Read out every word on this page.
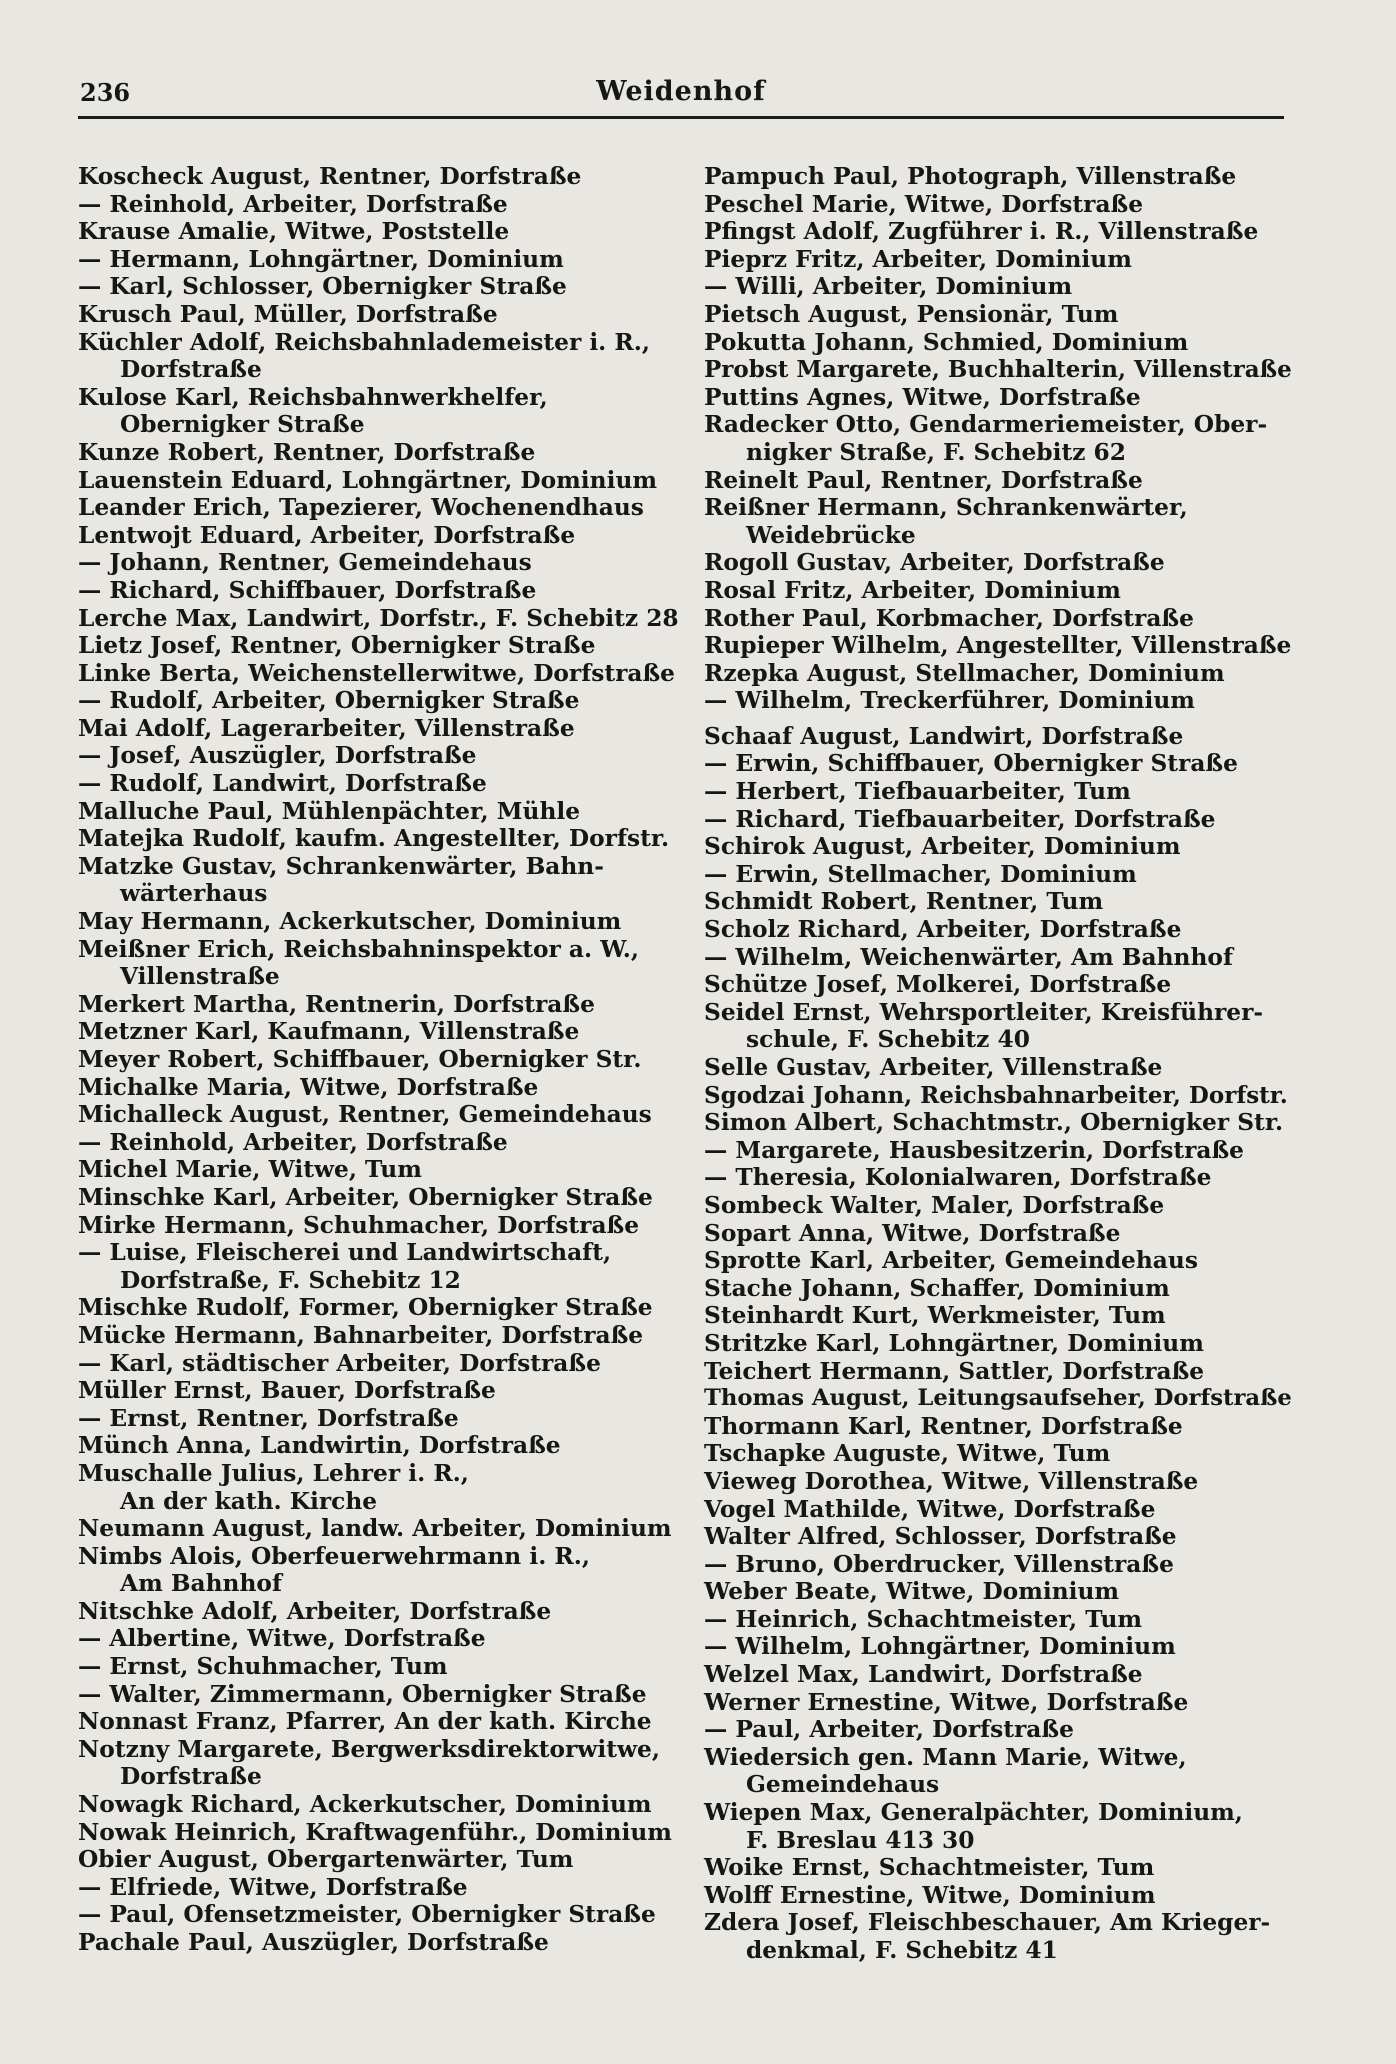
236	Weidenhof
Koscheck August, Rentner, Dorfstraße
— Reinhold, Arbeiter, Dorfstraße
Krause Amalie, Witwe, Poststelle
— Hermann, Lohngärtner, Dominium
— Karl, Schlosser, Obernigker Straße
Krusch Paul, Müller, Dorfstraße
Küchler Adolf, Reichsbahnlademeister i. R.,
Dorfstraße
Kulose Karl, Reichsbahnwerkhelfer,
Obernigker Straße
Kunze Robert, Rentner, Dorfstraße
Lauenstein Eduard, Lohngärtner, Dominium
Leander Erich, Tapezierer, Wochenendhaus
Lentwojt Eduard, Arbeiter, Dorfstraße
— Johann, Rentner, Gemeindehaus
— Richard, Schiffbauer, Dorfstraße
Lerche Max, Landwirt, Dorfstr., F. Schebitz 28
Lietz Josef, Rentner, Obernigker Straße
Linke Berta, Weichenstellerwitwe, Dorfstraße
— Rudolf, Arbeiter, Obernigker Straße
Mai Adolf, Lagerarbeiter, Villenstraße
— Josef, Auszügler, Dorfstraße
— Rudolf, Landwirt, Dorfstraße
Malluche Paul, Mühlenpächter, Mühle
Matejka Rudolf, kaufm. Angestellter, Dorfstr.
Matzke Gustav, Schrankenwärter, Bahn-
wärterhaus
May Hermann, Ackerkutscher, Dominium
Meißner Erich, Reichsbahninspektor a. W.,
Villenstraße
Merkert Martha, Rentnerin, Dorfstraße
Metzner Karl, Kaufmann, Villenstraße
Meyer Robert, Schiffbauer, Obernigker Str.
Michalke Maria, Witwe, Dorfstraße
Michalleck August, Rentner, Gemeindehaus
— Reinhold, Arbeiter, Dorfstraße
Michel Marie, Witwe, Tum
Minschke Karl, Arbeiter, Obernigker Straße
Mirke Hermann, Schuhmacher, Dorfstraße
— Luise, Fleischerei und Landwirtschaft,
Dorfstraße, F. Schebitz 12
Mischke Rudolf, Former, Obernigker Straße
Mücke Hermann, Bahnarbeiter, Dorfstraße
— Karl, städtischer Arbeiter, Dorfstraße
Müller Ernst, Bauer, Dorfstraße
— Ernst, Rentner, Dorfstraße
Münch Anna, Landwirtin, Dorfstraße
Muschalle Julius, Lehrer i. R.,
An der kath. Kirche
Neumann August, landw. Arbeiter, Dominium
Nimbs Alois, Oberfeuerwehrmann i. R.,
Am Bahnhof
Nitschke Adolf, Arbeiter, Dorfstraße
— Albertine, Witwe, Dorfstraße
— Ernst, Schuhmacher, Tum
— Walter, Zimmermann, Obernigker Straße
Nonnast Franz, Pfarrer, An der kath. Kirche
Notzny Margarete, Bergwerksdirektorwitwe,
Dorfstraße
Nowagk Richard, Ackerkutscher, Dominium
Nowak Heinrich, Kraftwagenführ., Dominium
Obier August, Obergartenwärter, Tum
— Elfriede, Witwe, Dorfstraße
— Paul, Ofensetzmeister, Obernigker Straße
Pachale Paul, Auszügler, Dorfstraße
Pampuch Paul, Photograph, Villenstraße
Peschel Marie, Witwe, Dorfstraße
Pfingst Adolf, Zugführer i. R., Villenstraße
Pieprz Fritz, Arbeiter, Dominium
— Willi, Arbeiter, Dominium
Pietsch August, Pensionär, Tum
Pokutta Johann, Schmied, Dominium
Probst Margarete, Buchhalterin, Villenstraße
Puttins Agnes, Witwe, Dorfstraße
Radecker Otto, Gendarmeriemeister, Ober-
nigker Straße, F. Schebitz 62
Reinelt Paul, Rentner, Dorfstraße
Reißner Hermann, Schrankenwärter,
Weidebrücke
Rogoll Gustav, Arbeiter, Dorfstraße
Rosal Fritz, Arbeiter, Dominium
Rother Paul, Korbmacher, Dorfstraße
Rupieper Wilhelm, Angestellter, Villenstraße
Rzepka August, Stellmacher, Dominium
— Wilhelm, Treckerführer, Dominium
Schaaf August, Landwirt, Dorfstraße
— Erwin, Schiffbauer, Obernigker Straße
— Herbert, Tiefbauarbeiter, Tum
— Richard, Tiefbauarbeiter, Dorfstraße
Schirok August, Arbeiter, Dominium
— Erwin, Stellmacher, Dominium
Schmidt Robert, Rentner, Tum
Scholz Richard, Arbeiter, Dorfstraße
— Wilhelm, Weichenwärter, Am Bahnhof
Schütze Josef, Molkerei, Dorfstraße
Seidel Ernst, Wehrsportleiter, Kreisführer-
schule, F. Schebitz 40
Selle Gustav, Arbeiter, Villenstraße
Sgodzai Johann, Reichsbahnarbeiter, Dorfstr.
Simon Albert, Schachtmstr., Obernigker Str.
— Margarete, Hausbesitzerin, Dorfstraße
— Theresia, Kolonialwaren, Dorfstraße
Sombeck Walter, Maler, Dorfstraße
Sopart Anna, Witwe, Dorfstraße
Sprotte Karl, Arbeiter, Gemeindehaus
Stache Johann, Schaffer, Dominium
Steinhardt Kurt, Werkmeister, Tum
Stritzke Karl, Lohngärtner, Dominium
Teichert Hermann, Sattler, Dorfstraße
Thomas August, Leitungsaufseher, Dorfstraße
Thormann Karl, Rentner, Dorfstraße
Tschapke Auguste, Witwe, Tum
Vieweg Dorothea, Witwe, Villenstraße
Vogel Mathilde, Witwe, Dorfstraße
Walter Alfred, Schlosser, Dorfstraße
— Bruno, Oberdrucker, Villenstraße
Weber Beate, Witwe, Dominium
— Heinrich, Schachtmeister, Tum
— Wilhelm, Lohngärtner, Dominium
Welzel Max, Landwirt, Dorfstraße
Werner Ernestine, Witwe, Dorfstraße
— Paul, Arbeiter, Dorfstraße
Wiedersich gen. Mann Marie, Witwe,
Gemeindehaus
Wiepen Max, Generalpächter, Dominium,
F. Breslau 413 30
Woike Ernst, Schachtmeister, Tum
Wolff Ernestine, Witwe, Dominium
Zdera Josef, Fleischbeschauer, Am Krieger-
denkmal, F. Schebitz 41
